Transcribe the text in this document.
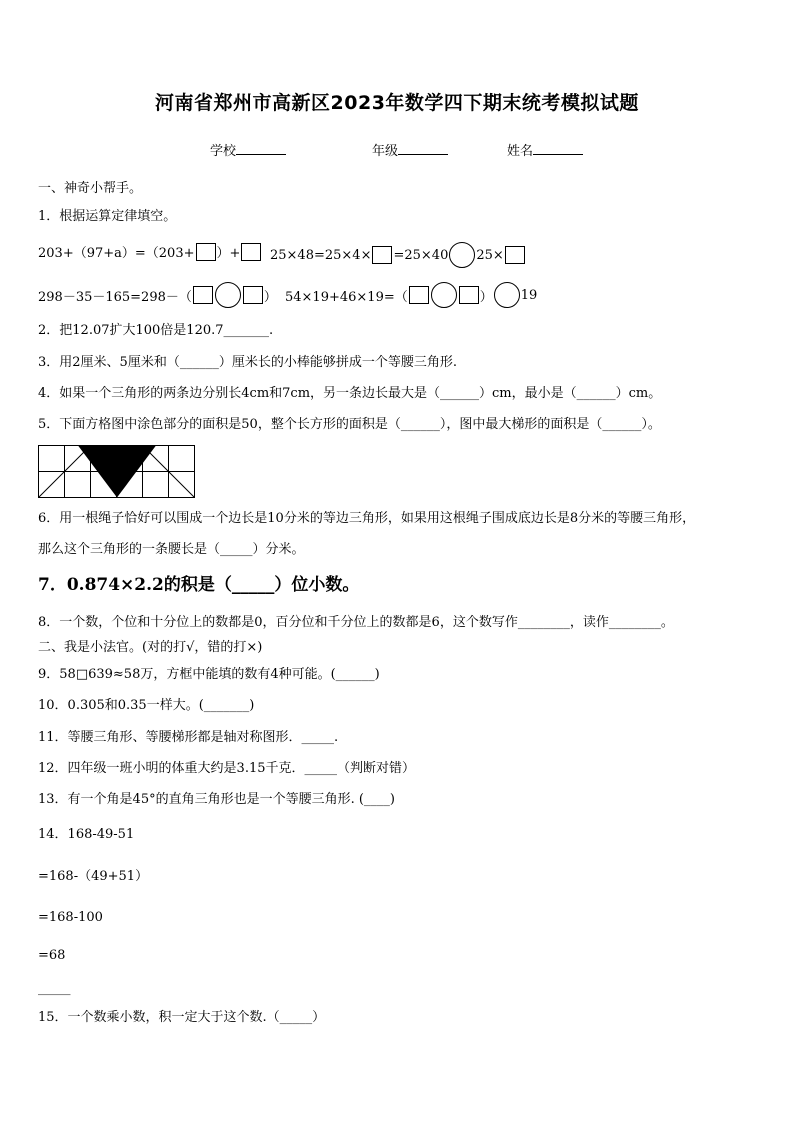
河南省郑州市高新区2023年数学四下期末统考模拟试题
学校	年级	姓名
一、神奇小帮手。
1．根据运算定律填空。
203+（97+a）=（203+ ）+ 25×48=25×4× =25×40 25×
298－35－165=298－（	） 54×19+46×19=（	） 19
2．把12.07扩大100倍是120.7_______.
3．用2厘米、5厘米和（______）厘米长的小棒能够拼成一个等腰三角形.
4．如果一个三角形的两条边分别长4cm和7cm，另一条边长最大是（______）cm，最小是（______）cm。
5．下面方格图中涂色部分的面积是50，整个长方形的面积是（______），图中最大梯形的面积是（______）。
6．用一根绳子恰好可以围成一个边长是10分米的等边三角形，如果用这根绳子围成底边长是8分米的等腰三角形，
那么这个三角形的一条腰长是（_____）分米。
7．0.874×2.2的积是（_____）位小数。
8．一个数，个位和十分位上的数都是0，百分位和千分位上的数都是6，这个数写作________，读作________。
二、我是小法官。(对的打√，错的打×)
9．58□639≈58万，方框中能填的数有4种可能。(______)
10．0.305和0.35一样大。(_______)
11．等腰三角形、等腰梯形都是轴对称图形．_____.
12．四年级一班小明的体重大约是3.15千克．_____（判断对错）
13．有一个角是45°的直角三角形也是一个等腰三角形. (____)
14．168-49-51
=168-（49+51）
=168-100
=68
_____
15．一个数乘小数，积一定大于这个数.（_____）
